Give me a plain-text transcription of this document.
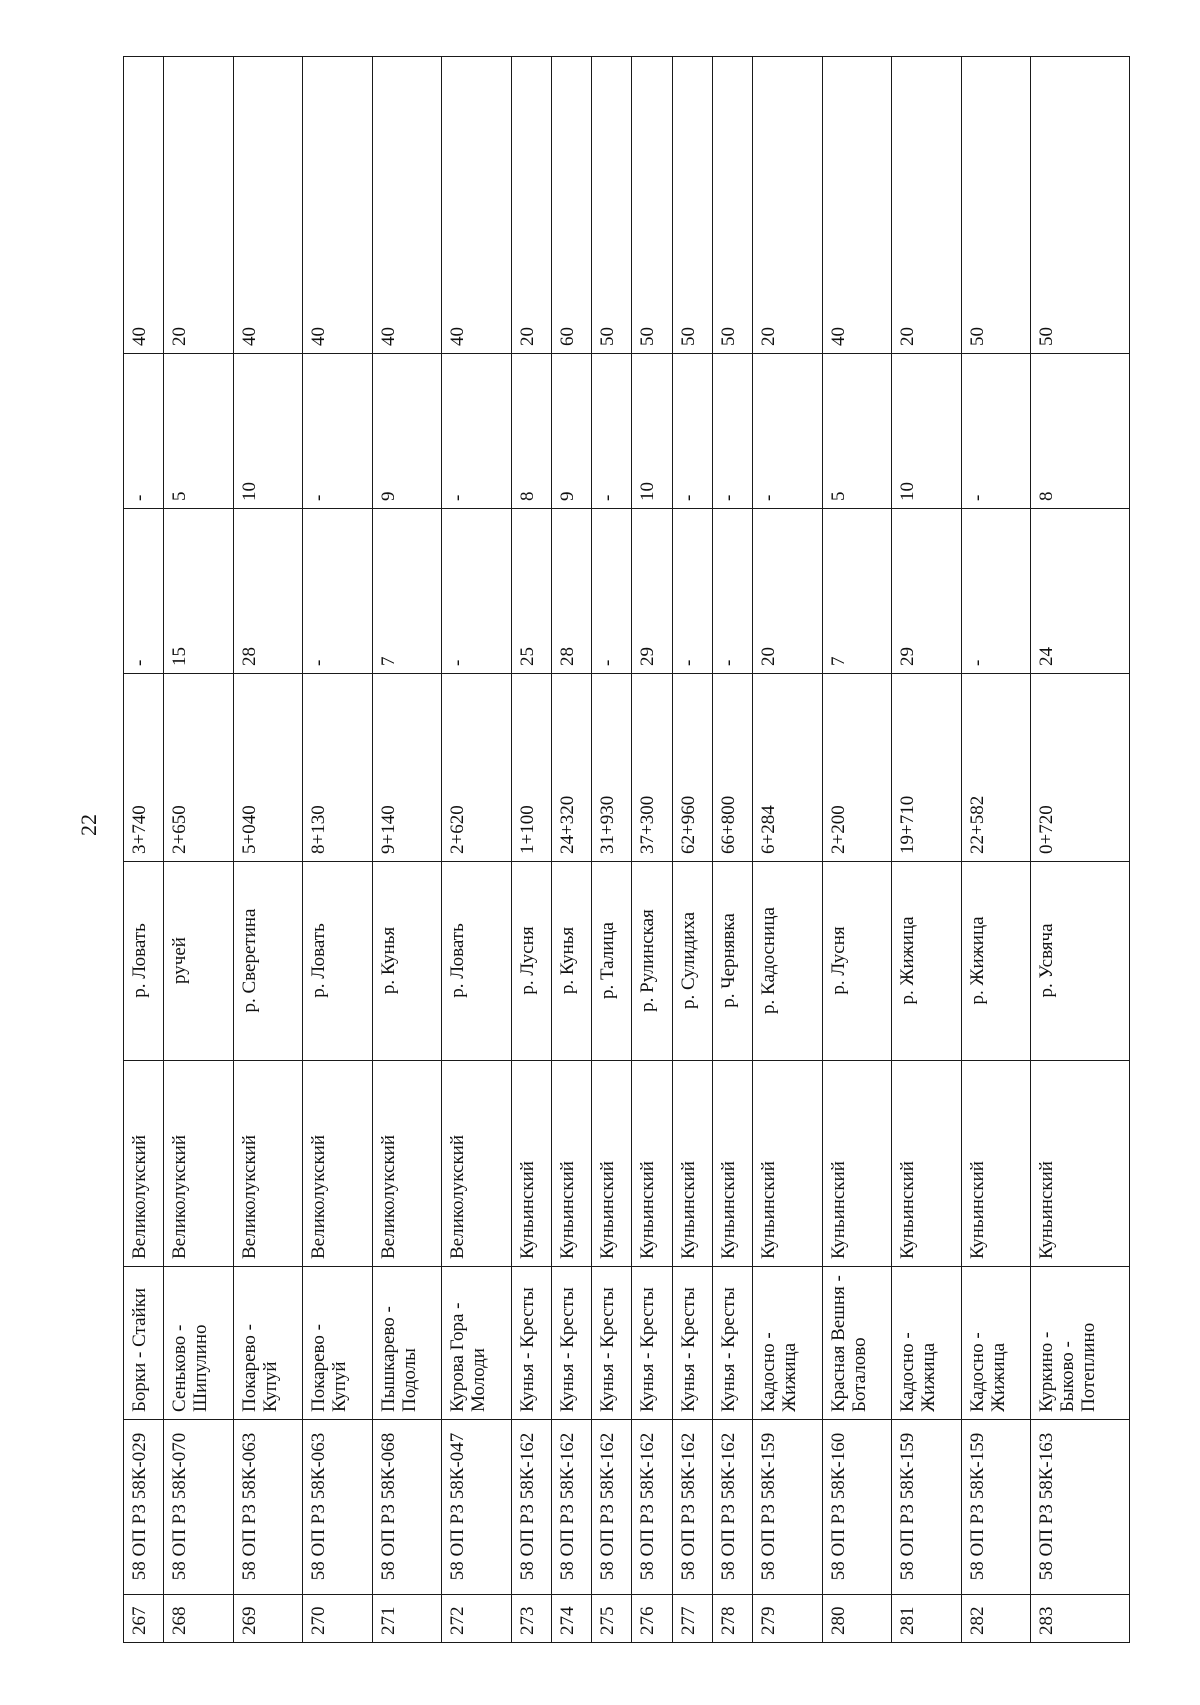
22
267	58 ОП РЗ 58К-029	Борки - Стайки	Великолукский	р. Ловать	3+740	-	-	40
268	58 ОП РЗ 58К-070	Сеньково - Шипулино	Великолукский	ручей	2+650	15	5	20
269	58 ОП РЗ 58К-063	Покарево - Купуй	Великолукский	р. Сверетина	5+040	28	10	40
270	58 ОП РЗ 58К-063	Покарево - Купуй	Великолукский	р. Ловать	8+130	-	-	40
271	58 ОП РЗ 58К-068	Пышкарево - Подолы	Великолукский	р. Кунья	9+140	7	9	40
272	58 ОП РЗ 58К-047	Курова Гора - Молоди	Великолукский	р. Ловать	2+620	-	-	40
273	58 ОП РЗ 58К-162	Кунья - Кресты	Куньинский	р. Лусня	1+100	25	8	20
274	58 ОП РЗ 58К-162	Кунья - Кресты	Куньинский	р. Кунья	24+320	28	9	60
275	58 ОП РЗ 58К-162	Кунья - Кресты	Куньинский	р. Талица	31+930	-	-	50
276	58 ОП РЗ 58К-162	Кунья - Кресты	Куньинский	р. Рулинская	37+300	29	10	50
277	58 ОП РЗ 58К-162	Кунья - Кресты	Куньинский	р. Сулидиха	62+960	-	-	50
278	58 ОП РЗ 58К-162	Кунья - Кресты	Куньинский	р. Чернявка	66+800	-	-	50
279	58 ОП РЗ 58К-159	Кадосно - Жижица	Куньинский	р. Кадосница	6+284	20	-	20
280	58 ОП РЗ 58К-160	Красная Вешня - Боталово	Куньинский	р. Лусня	2+200	7	5	40
281	58 ОП РЗ 58К-159	Кадосно - Жижица	Куньинский	р. Жижица	19+710	29	10	20
282	58 ОП РЗ 58К-159	Кадосно - Жижица	Куньинский	р. Жижица	22+582	-	-	50
283	58 ОП РЗ 58К-163	Куркино - Быково - Потеплино	Куньинский	р. Усвяча	0+720	24	8	50
